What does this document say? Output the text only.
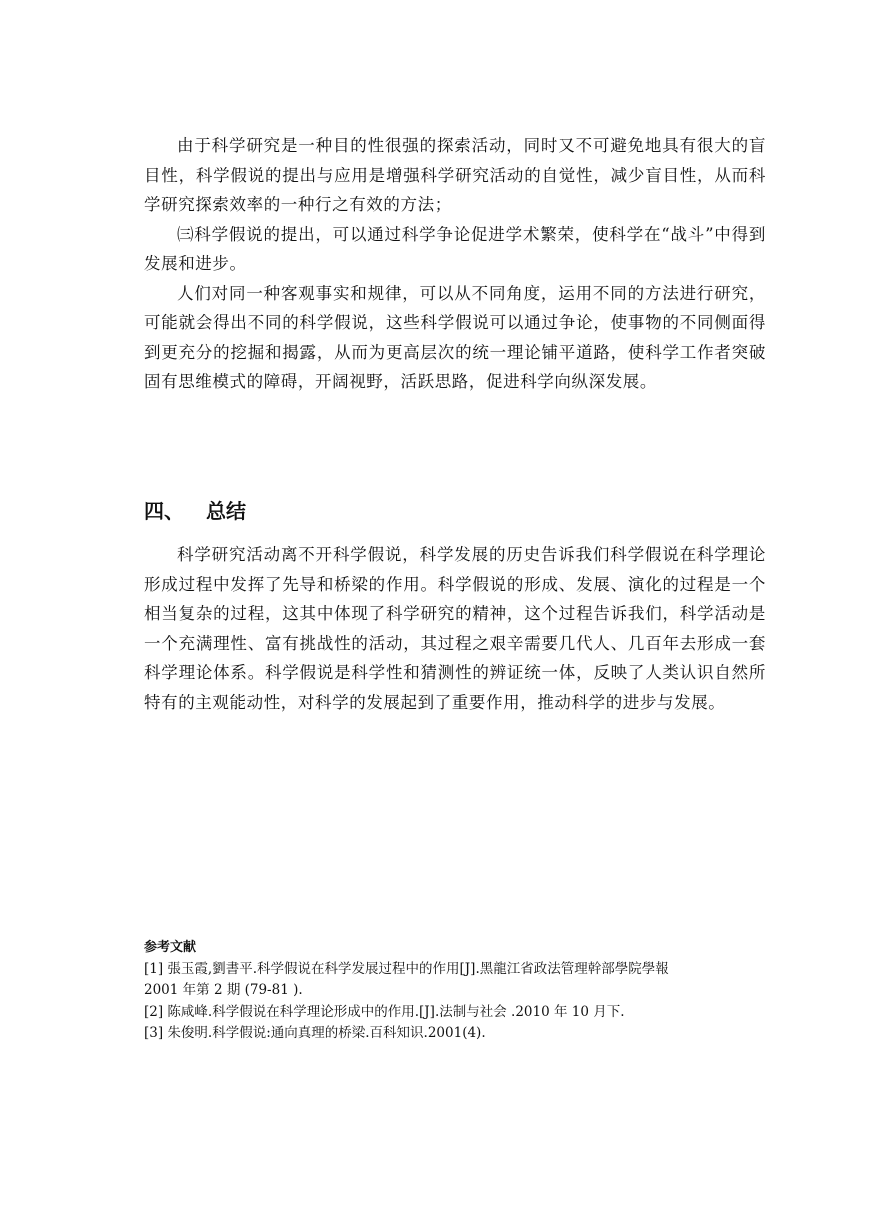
由于科学研究是一种目的性很强的探索活动，同时又不可避免地具有很大的盲目性，科学假说的提出与应用是增强科学研究活动的自觉性，减少盲目性，从而科学研究探索效率的一种行之有效的方法；

㈢科学假说的提出，可以通过科学争论促进学术繁荣，使科学在“战斗”中得到发展和进步。

人们对同一种客观事实和规律，可以从不同角度，运用不同的方法进行研究，可能就会得出不同的科学假说，这些科学假说可以通过争论，使事物的不同侧面得到更充分的挖掘和揭露，从而为更高层次的统一理论铺平道路，使科学工作者突破固有思维模式的障碍，开阔视野，活跃思路，促进科学向纵深发展。

四、 总结

科学研究活动离不开科学假说，科学发展的历史告诉我们科学假说在科学理论形成过程中发挥了先导和桥梁的作用。科学假说的形成、发展、演化的过程是一个相当复杂的过程，这其中体现了科学研究的精神，这个过程告诉我们，科学活动是一个充满理性、富有挑战性的活动，其过程之艰辛需要几代人、几百年去形成一套科学理论体系。科学假说是科学性和猜测性的辨证统一体，反映了人类认识自然所特有的主观能动性，对科学的发展起到了重要作用，推动科学的进步与发展。

参考文献

[1] 張玉霞,劉書平.科学假说在科学发展过程中的作用[J].黑龍江省政法管理幹部學院學報

2001 年第 2 期 (79-81 ).

[2] 陈咸峰.科学假说在科学理论形成中的作用.[J].法制与社会 .2010 年 10 月下.

[3] 朱俊明.科学假说:通向真理的桥梁.百科知识.2001(4).
